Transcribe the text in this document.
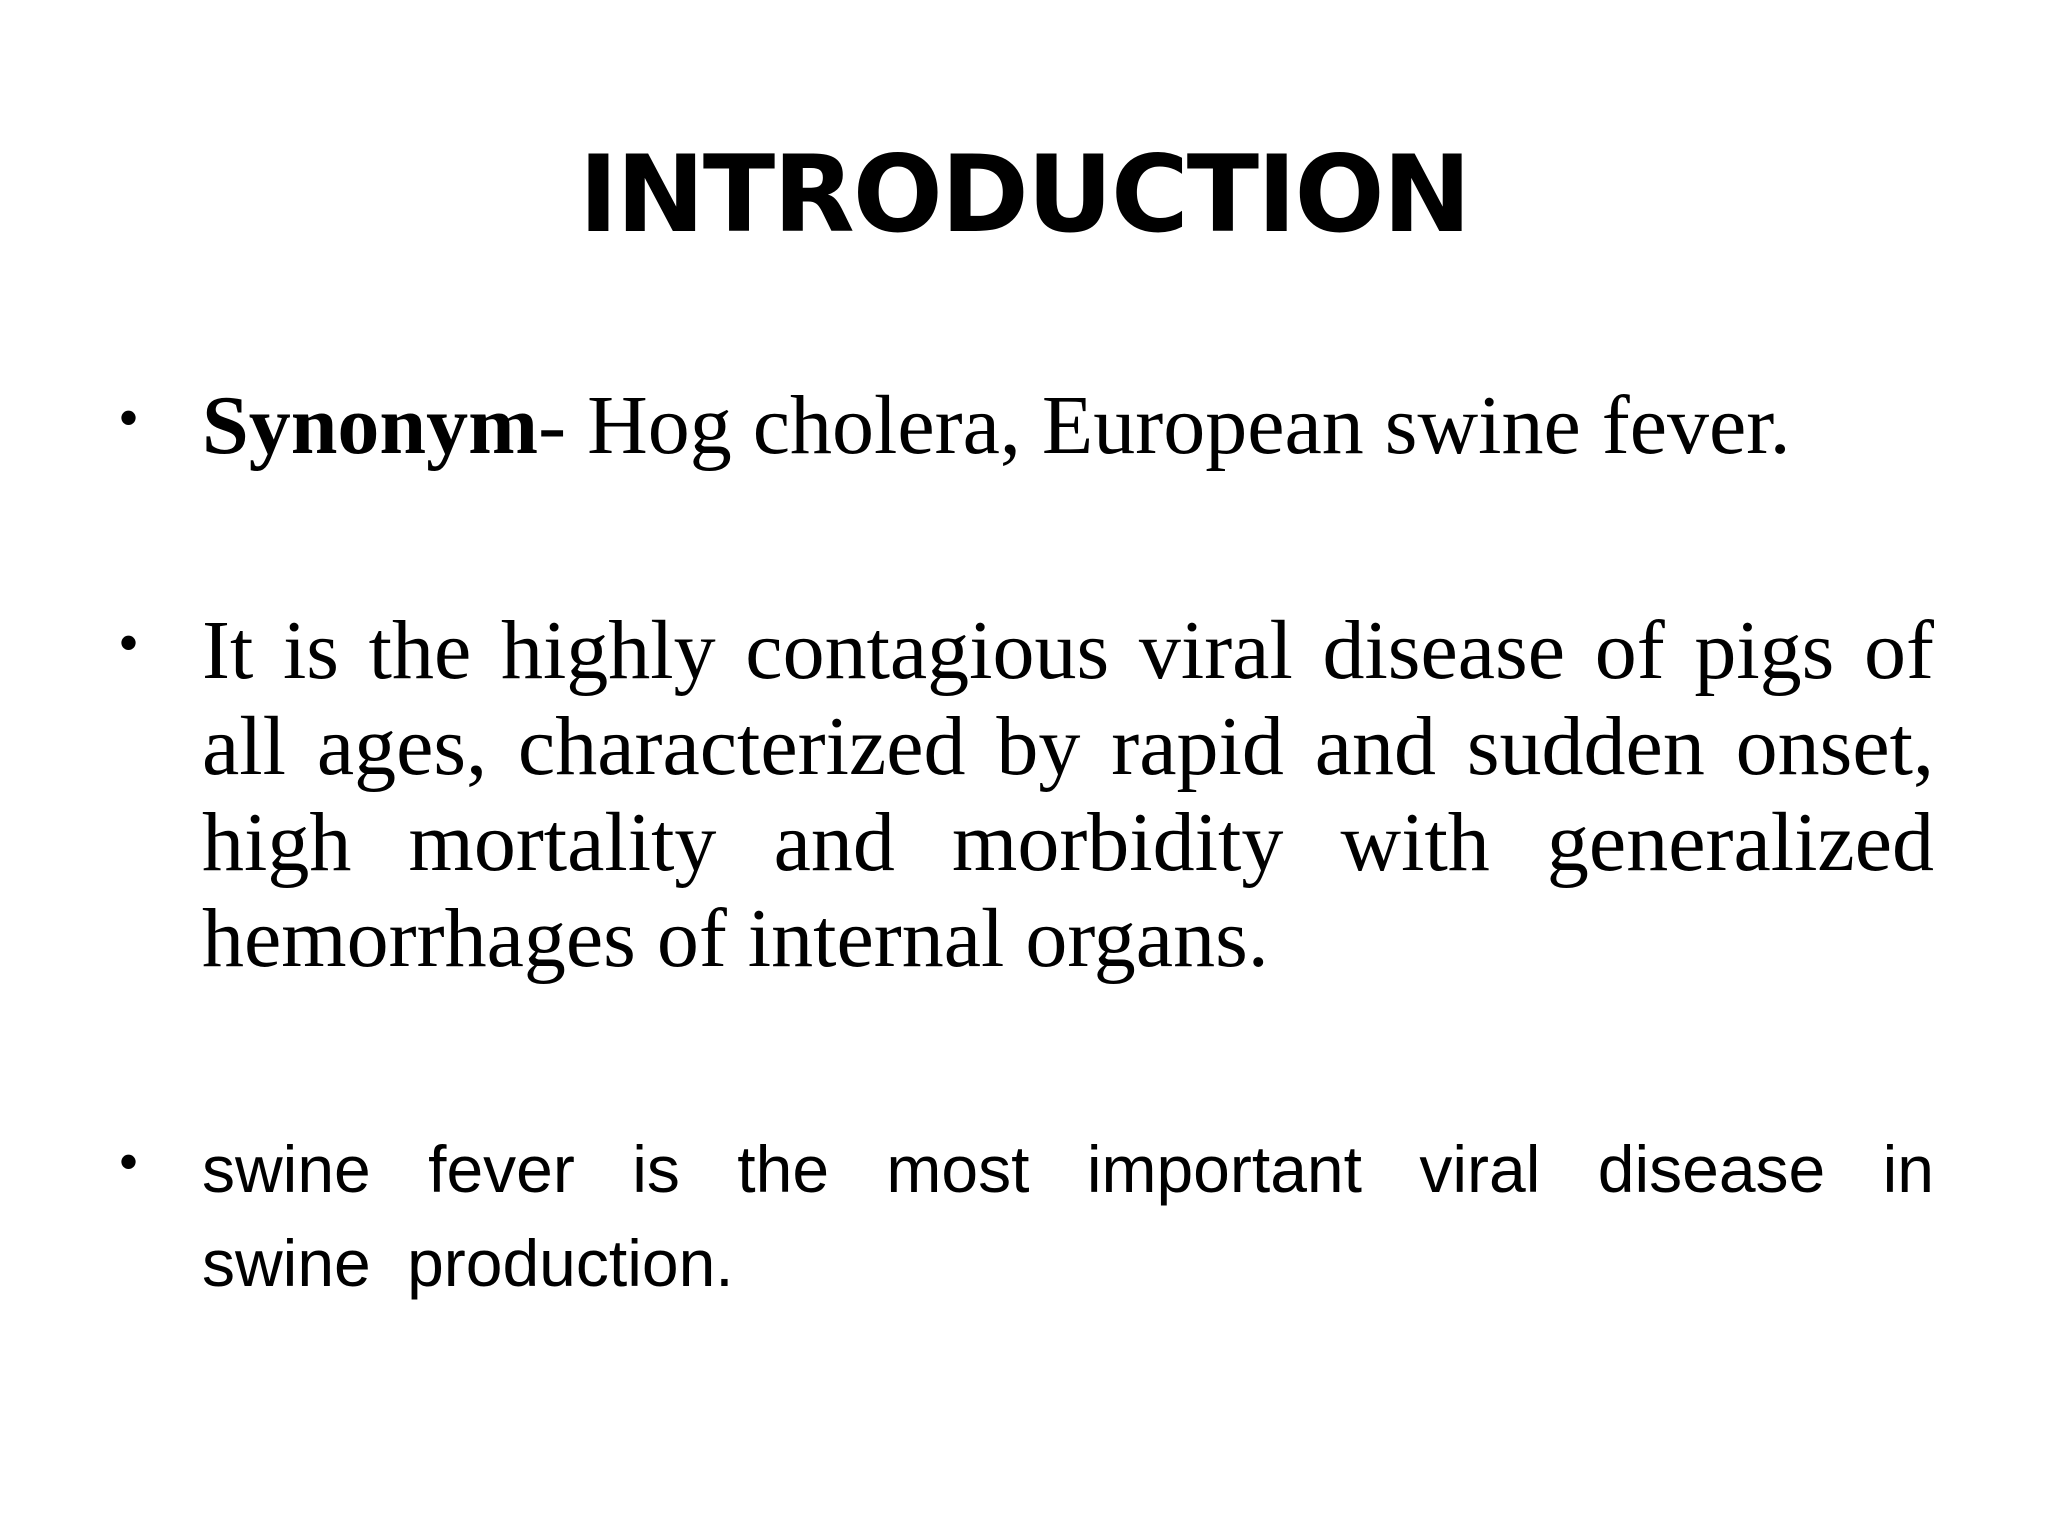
INTRODUCTION
• Synonym- Hog cholera, European swine fever.
• It is the highly contagious viral disease of pigs of all ages, characterized by rapid and sudden onset, high mortality and morbidity with generalized hemorrhages of internal organs.
• swine fever is the most important viral disease in swine production.
